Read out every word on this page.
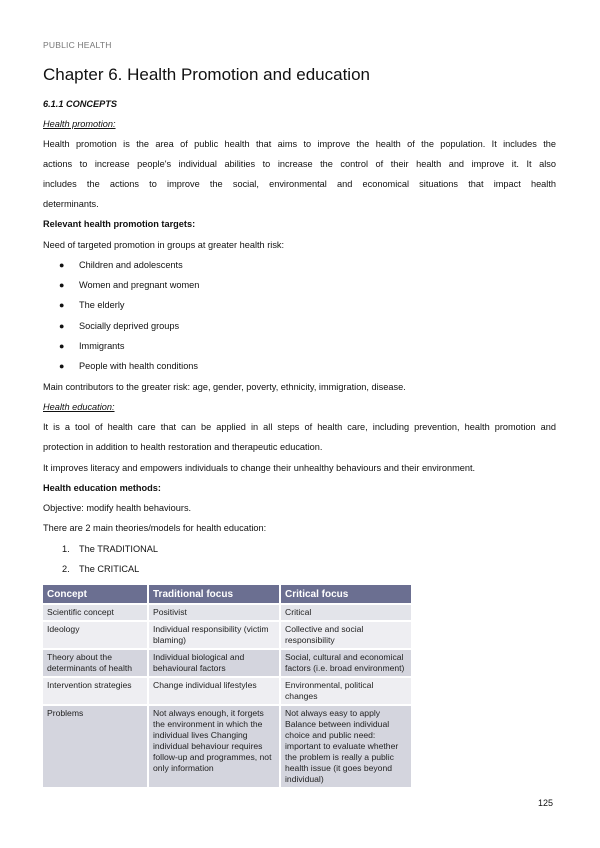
PUBLIC HEALTH
Chapter 6. Health Promotion and education
6.1.1 CONCEPTS
Health promotion:
Health promotion is the area of public health that aims to improve the health of the population. It includes the
actions to increase people's individual abilities to increase the control of their health and improve it. It also
includes the actions to improve the social, environmental and economical situations that impact health
determinants.
Relevant health promotion targets:
Need of targeted promotion in groups at greater health risk:
● Children and adolescents
● Women and pregnant women
● The elderly
● Socially deprived groups
● Immigrants
● People with health conditions
Main contributors to the greater risk: age, gender, poverty, ethnicity, immigration, disease.
Health education:
It is a tool of health care that can be applied in all steps of health care, including prevention, health promotion and
protection in addition to health restoration and therapeutic education.
It improves literacy and empowers individuals to change their unhealthy behaviours and their environment.
Health education methods:
Objective: modify health behaviours.
There are 2 main theories/models for health education:
1. The TRADITIONAL
2. The CRITICAL
Concept	Traditional focus	Critical focus
Scientific concept	Positivist	Critical
Ideology	Individual responsibility (victim blaming)	Collective and social responsibility
Theory about the determinants of health	Individual biological and behavioural factors	Social, cultural and economical factors (i.e. broad environment)
Intervention strategies	Change individual lifestyles	Environmental, political changes
Problems	Not always enough, it forgets the environment in which the individual lives Changing individual behaviour requires follow-up and programmes, not only information	Not always easy to apply Balance between individual choice and public need: important to evaluate whether the problem is really a public health issue (it goes beyond individual)
125
